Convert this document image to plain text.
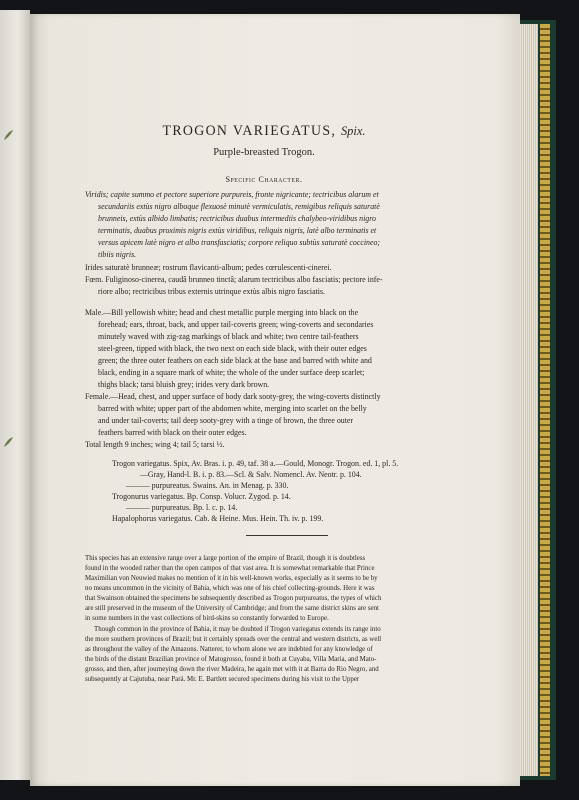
TROGON VARIEGATUS, Spix.
Purple-breasted Trogon.
Specific Character.
Viridis; capite summo et pectore superiore purpureis, fronte nigricante; tectricibus alarum et
secundariis extùs nigro alboque flexuosè minutè vermiculatis, remigibus reliquis saturatè
brunneis, extùs albido limbatis; rectricibus duabus intermediis chalybeo-viridibus nigro
terminatis, duabus proximis nigris extùs viridibus, reliquis nigris, latè albo terminatis et
versus apicem latè nigro et albo transfasciatis; corpore reliquo subtùs saturatè coccineo;
tibiis nigris.
Irides saturatè brunneæ; rostrum flavicanti-album; pedes cœrulescenti-cinerei.
Fœm. Fuliginoso-cinerea, caudâ brunneo tinctâ; alarum tectricibus albo fasciatis; pectore infe-
riore albo; rectricibus tribus externis utrinque extùs albis nigro fasciatis.
Male.—Bill yellowish white; head and chest metallic purple merging into black on the
forehead; ears, throat, back, and upper tail-coverts green; wing-coverts and secondaries
minutely waved with zig-zag markings of black and white; two centre tail-feathers
steel-green, tipped with black, the two next on each side black, with their outer edges
green; the three outer feathers on each side black at the base and barred with white and
black, ending in a square mark of white; the whole of the under surface deep scarlet;
thighs black; tarsi bluish grey; irides very dark brown.
Female.—Head, chest, and upper surface of body dark sooty-grey, the wing-coverts distinctly
barred with white; upper part of the abdomen white, merging into scarlet on the belly
and under tail-coverts; tail deep sooty-grey with a tinge of brown, the three outer
feathers barred with black on their outer edges.
Total length 9 inches; wing 4; tail 5; tarsi ½.
Trogon variegatus. Spix, Av. Bras. i. p. 49, taf. 38 a.—Gould, Monogr. Trogon. ed. 1, pl. 5.
—Gray, Hand-l. B. i. p. 83.—Scl. & Salv. Nomencl. Av. Neotr. p. 104.
——— purpureatus. Swains. An. in Menag. p. 330.
Trogonurus variegatus. Bp. Consp. Volucr. Zygod. p. 14.
——— purpureatus. Bp. l. c. p. 14.
Hapalophorus variegatus. Cab. & Heine. Mus. Hein. Th. iv. p. 199.
This species has an extensive range over a large portion of the empire of Brazil, though it is doubtless
found in the wooded rather than the open campos of that vast area. It is somewhat remarkable that Prince
Maximilian von Neuwied makes no mention of it in his well-known works, especially as it seems to be by
no means uncommon in the vicinity of Bahia, which was one of his chief collecting-grounds. Here it was
that Swainson obtained the specimens he subsequently described as Trogon purpureatus, the types of which
are still preserved in the museum of the University of Cambridge; and from the same district skins are sent
in some numbers in the vast collections of bird-skins so constantly forwarded to Europe.
Though common in the province of Bahia, it may be doubted if Trogon variegatus extends its range into
the more southern provinces of Brazil; but it certainly spreads over the central and western districts, as well
as throughout the valley of the Amazons. Natterer, to whom alone we are indebted for any knowledge of
the birds of the distant Brazilian province of Matogrosso, found it both at Cuyaba, Villa Maria, and Mato-
grosso, and then, after journeying down the river Madeira, he again met with it at Barra do Rio Negro, and
subsequently at Cajutuba, near Pará. Mr. E. Bartlett secured specimens during his visit to the Upper
